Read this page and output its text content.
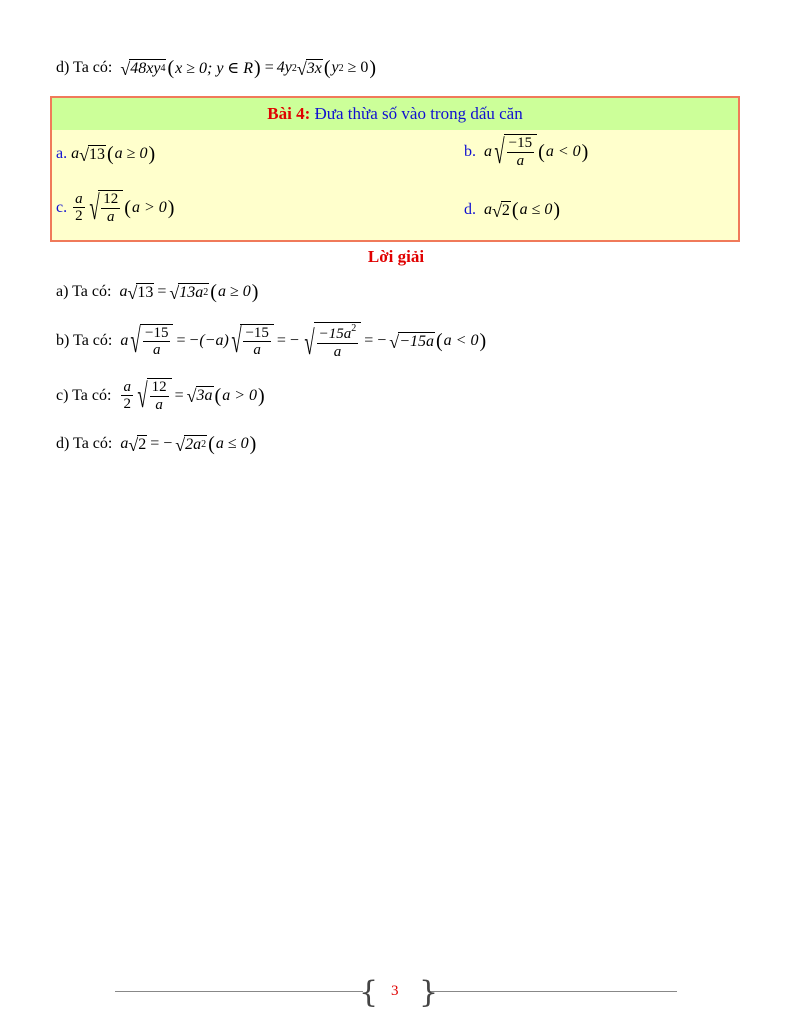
d) Ta có: √ 48xy 4 ( x ≥ 0; y ∈ R ) = 4y 2 √ 3x ( y 2
≥ 0 )
Bài 4:
Đưa thừa số vào trong dấu căn
a.
a √ 13 ( a ≥ 0 )	b.
a √ $\frac{-15}{a}$ ( a < 0 )
c.
$\frac{a}{2}$ √ $\frac{12}{a}$ ( a > 0 )	d.
a √ 2 ( a ≤ 0 )
Lời giải
a) Ta có: a √ 13 = √ 13a 2 ( a ≥ 0 )
b) Ta có: a √ $\frac{-15}{a} = -(-a)$ √ $\frac{-15}{a}$ = − √ $\frac{-15a^2}{a}$ = − √ −15a ( a < 0 )
c) Ta có: $\frac{a}{2}$ √ $\frac{12}{a}$ = √ 3a ( a > 0 )
d) Ta có: a √ 2 = − √ 2a 2 ( a ≤ 0 )
{ }
3
